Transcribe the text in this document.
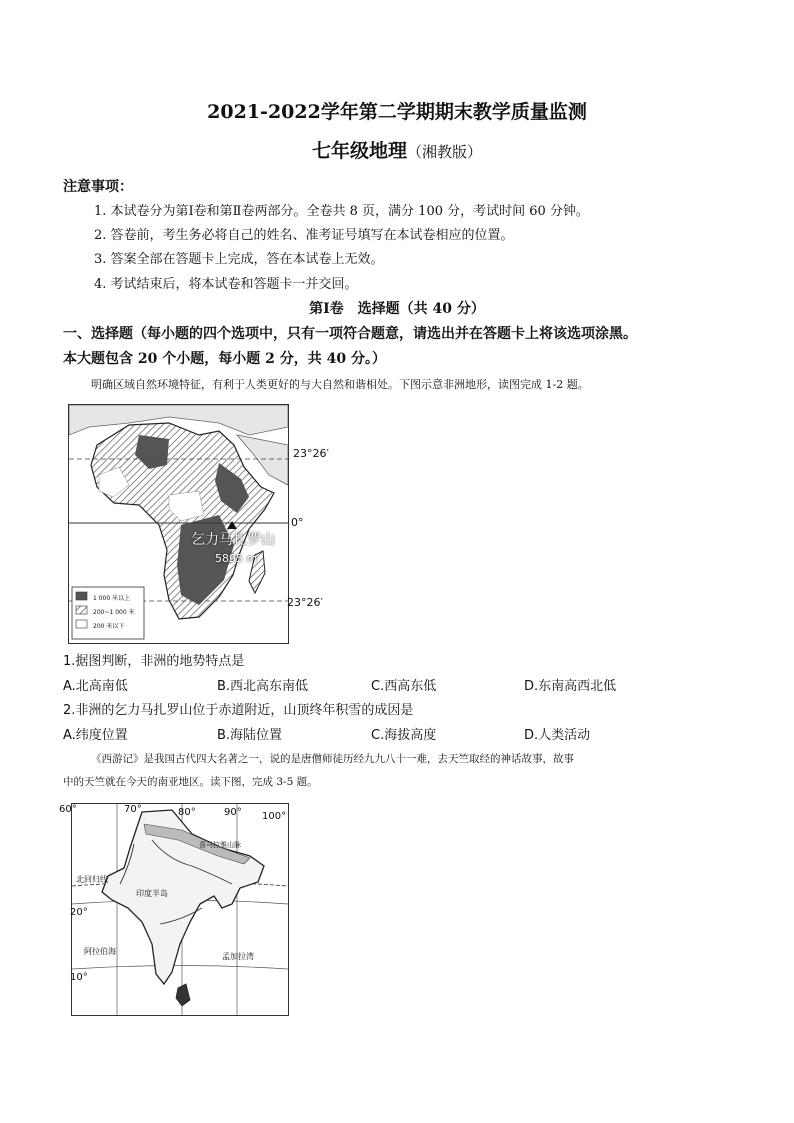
2021-2022学年第二学期期末教学质量监测
七年级地理（湘教版）
注意事项：
1. 本试卷分为第Ⅰ卷和第Ⅱ卷两部分。全卷共 8 页，满分 100 分，考试时间 60 分钟。
2. 答卷前，考生务必将自己的姓名、准考证号填写在本试卷相应的位置。
3. 答案全部在答题卡上完成，答在本试卷上无效。
4. 考试结束后，将本试卷和答题卡一并交回。
第Ⅰ卷　选择题（共 40 分）
一、选择题（每小题的四个选项中，只有一项符合题意，请选出并在答题卡上将该选项涂黑。
本大题包含 20 个小题，每小题 2 分，共 40 分。）
明确区域自然环境特征，有利于人类更好的与大自然和谐相处。下图示意非洲地形，读图完成 1-2 题。
23°26′
0°
23°26′
乞力马扎罗山
5895 m
1 000 米以上
200~1 000 米
200 米以下
1.据图判断，非洲的地势特点是
A.北高南低	B.西北高东南低	C.西高东低	D.东南高西北低
2.非洲的乞力马扎罗山位于赤道附近，山顶终年积雪的成因是
A.纬度位置	B.海陆位置	C.海拔高度	D.人类活动
《西游记》是我国古代四大名著之一，说的是唐僧师徒历经九九八十一难，去天竺取经的神话故事，故事
中的天竺就在今天的南亚地区。读下图，完成 3-5 题。
60°	70°	80°	90° 100°
20°
10°
喜马拉雅山脉
北回归线
印度半岛
阿拉伯海
孟加拉湾
